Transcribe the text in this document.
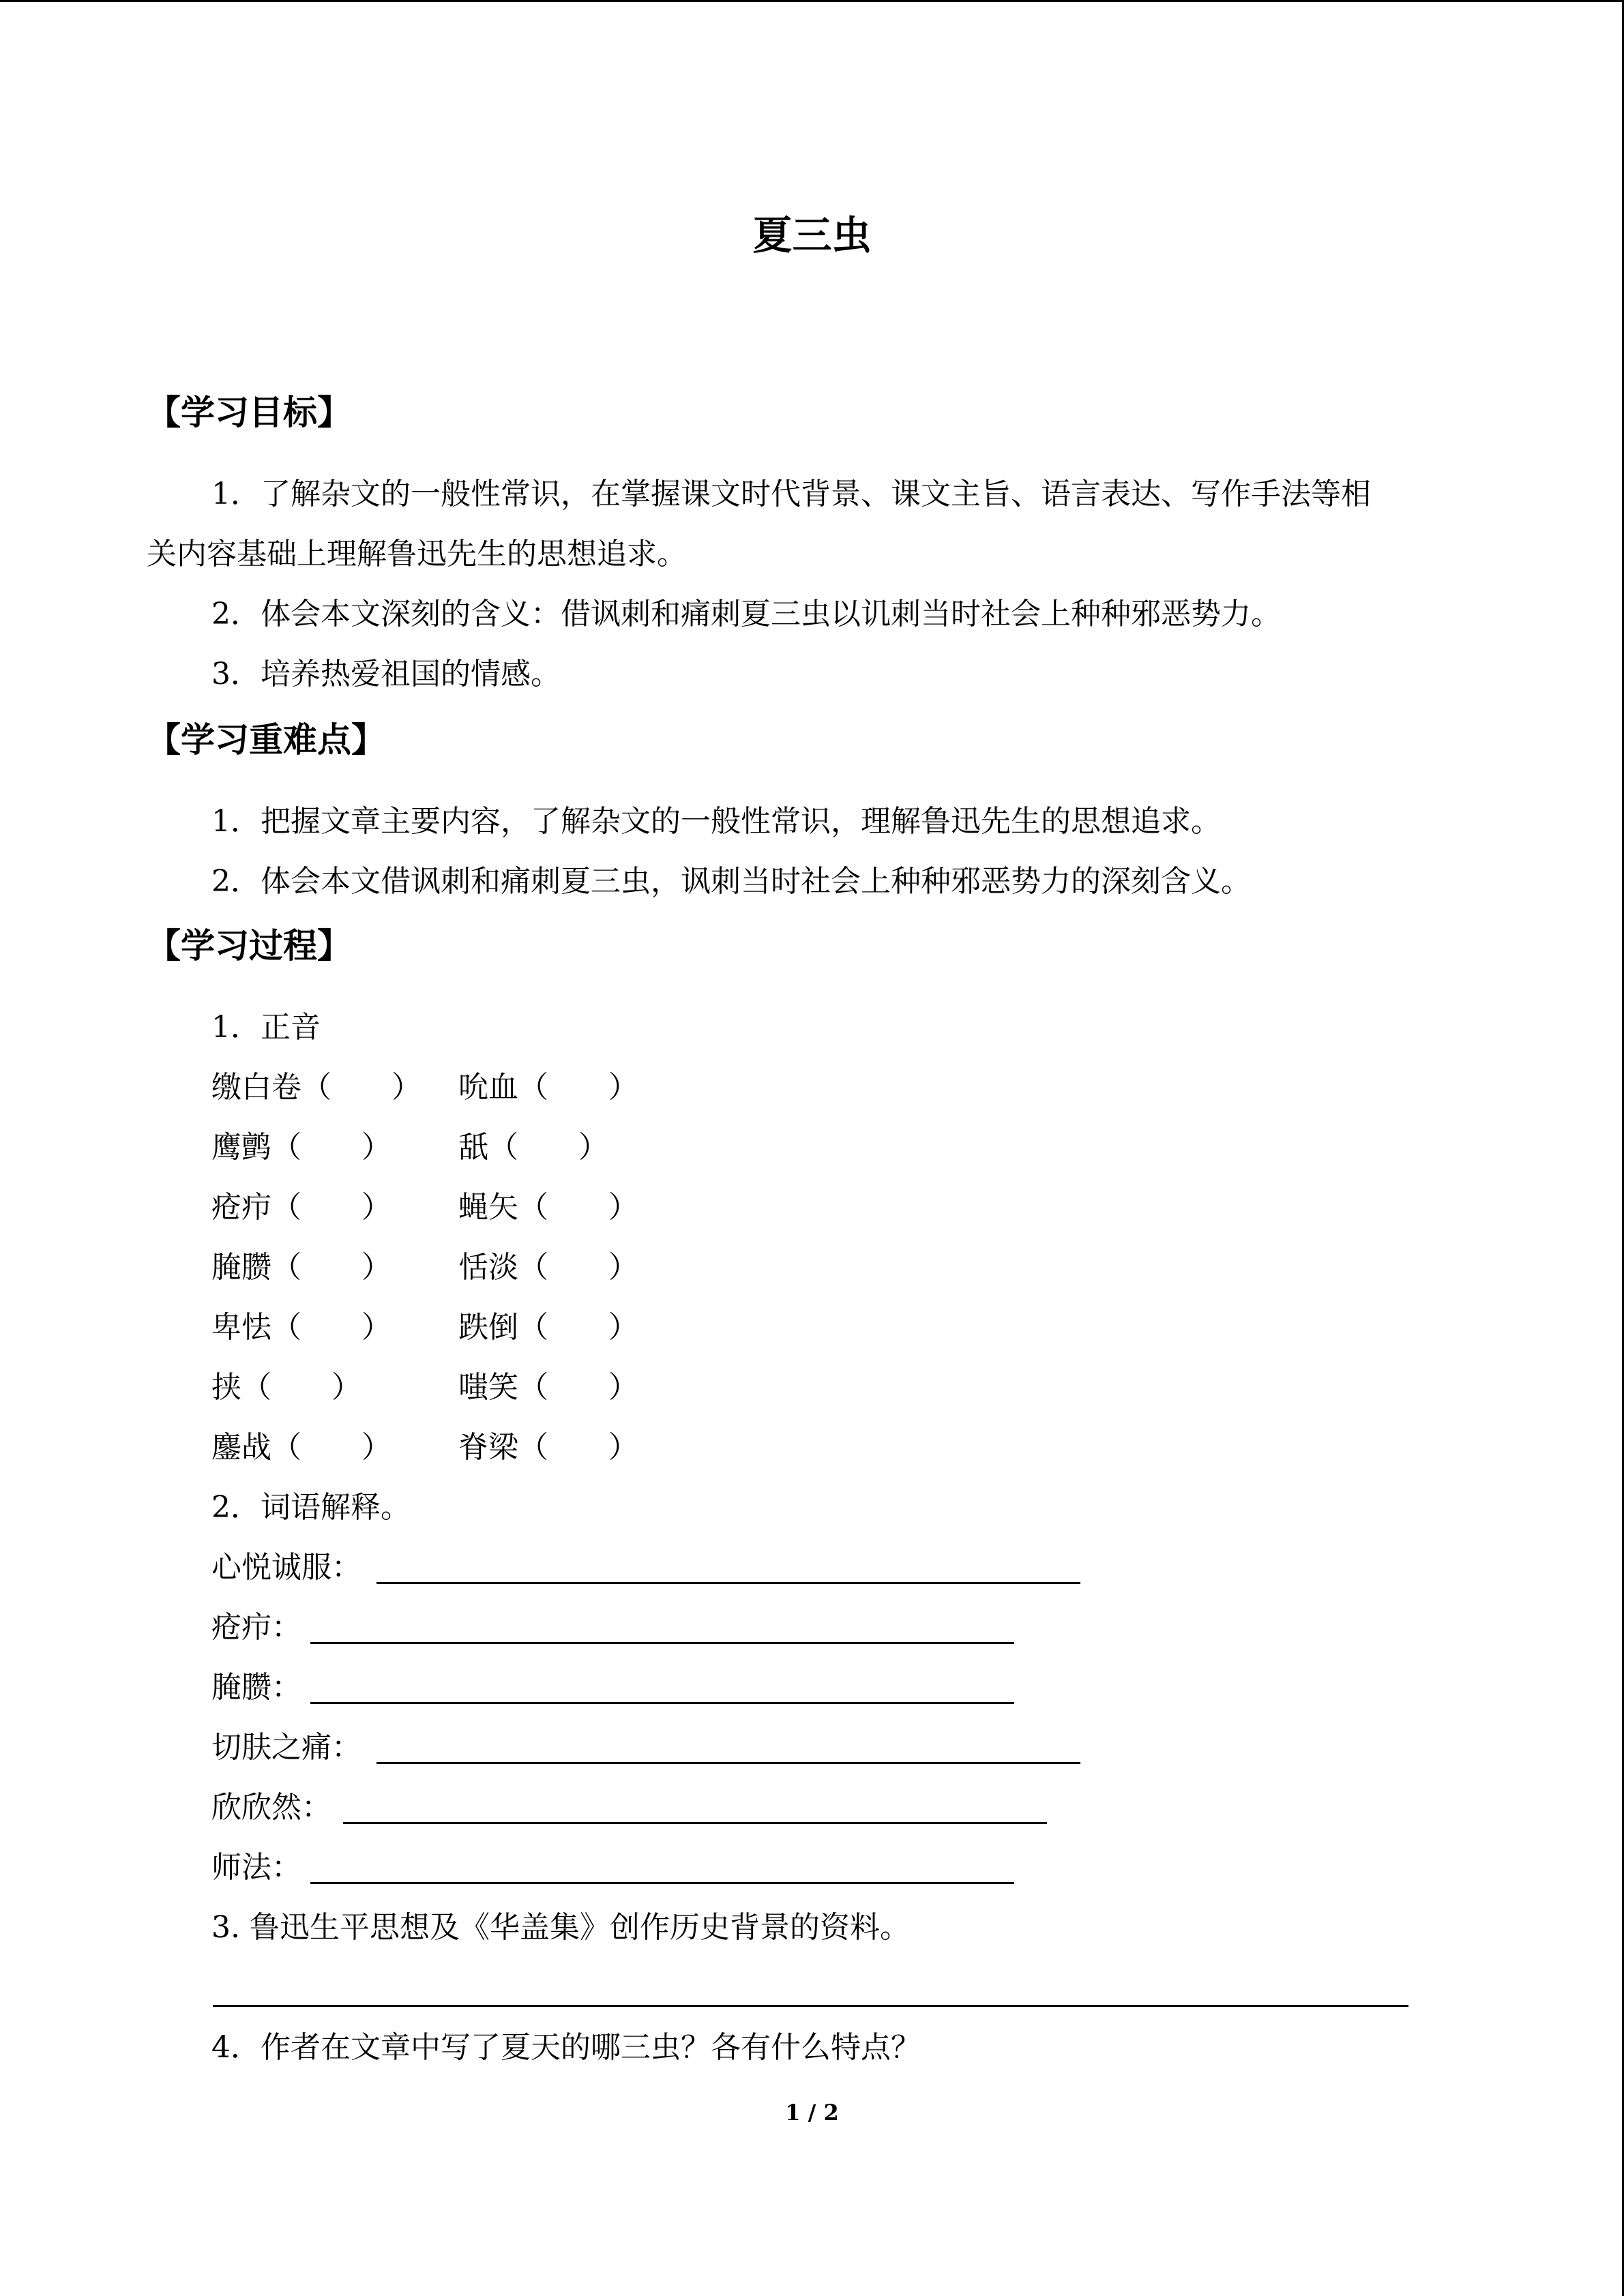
夏三虫
【学习目标】
1．了解杂文的一般性常识，在掌握课文时代背景、课文主旨、语言表达、写作手法等相
关内容基础上理解鲁迅先生的思想追求。
2．体会本文深刻的含义：借讽刺和痛刺夏三虫以讥刺当时社会上种种邪恶势力。
3．培养热爱祖国的情感。
【学习重难点】
1．把握文章主要内容，了解杂文的一般性常识，理解鲁迅先生的思想追求。
2．体会本文借讽刺和痛刺夏三虫，讽刺当时社会上种种邪恶势力的深刻含义。
【学习过程】
1．正音
缴白卷（　　） 吮血（　　）
鹰鹯（　　） 舐（　　）
疮疖（　　） 蝇矢（　　）
腌臜（　　） 恬淡（　　）
卑怯（　　） 跌倒（　　）
挟（　　）	嗤笑（　　）
鏖战（　　） 脊梁（　　）
2．词语解释。
心悦诚服：
疮疖：
腌臜：
切肤之痛：
欣欣然：
师法：
3. 鲁迅生平思想及《华盖集》创作历史背景的资料。
4．作者在文章中写了夏天的哪三虫？各有什么特点？
1 / 2
